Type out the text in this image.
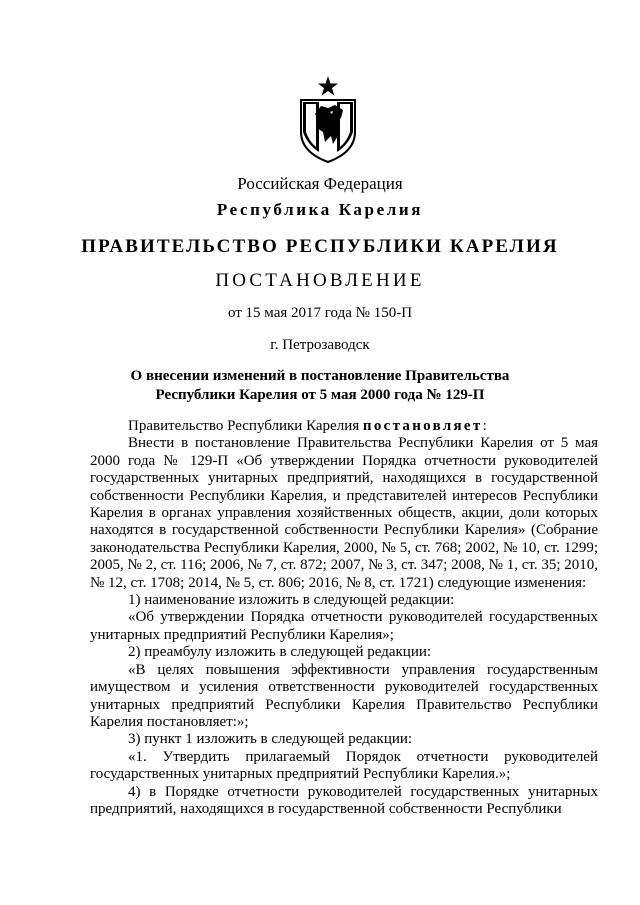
Российская Федерация
Республика Карелия
ПРАВИТЕЛЬСТВО РЕСПУБЛИКИ КАРЕЛИЯ
ПОСТАНОВЛЕНИЕ
от 15 мая 2017 года № 150-П
г. Петрозаводск
О внесении изменений в постановление Правительства
Республики Карелия от 5 мая 2000 года № 129-П

Правительство Республики Карелия постановляет:

Внести в постановление Правительства Республики Карелия от 5 мая 2000 года № 129-П «Об утверждении Порядка отчетности руководителей государственных унитарных предприятий, находящихся в государственной собственности Республики Карелия, и представителей интересов Республики Карелия в органах управления хозяйственных обществ, акции, доли которых находятся в государственной собственности Республики Карелия» (Собрание законодательства Республики Карелия, 2000, № 5, ст. 768; 2002, № 10, ст. 1299; 2005, № 2, ст. 116; 2006, № 7, ст. 872; 2007, № 3, ст. 347; 2008, № 1, ст. 35; 2010, № 12, ст. 1708; 2014, № 5, ст. 806; 2016, № 8, ст. 1721) следующие изменения:

1) наименование изложить в следующей редакции:

«Об утверждении Порядка отчетности руководителей государственных унитарных предприятий Республики Карелия»;

2) преамбулу изложить в следующей редакции:

«В целях повышения эффективности управления государственным имуществом и усиления ответственности руководителей государственных унитарных предприятий Республики Карелия Правительство Республики Карелия постановляет:»;

3) пункт 1 изложить в следующей редакции:

«1. Утвердить прилагаемый Порядок отчетности руководителей государственных унитарных предприятий Республики Карелия.»;

4) в Порядке отчетности руководителей государственных унитарных предприятий, находящихся в государственной собственности Республики
